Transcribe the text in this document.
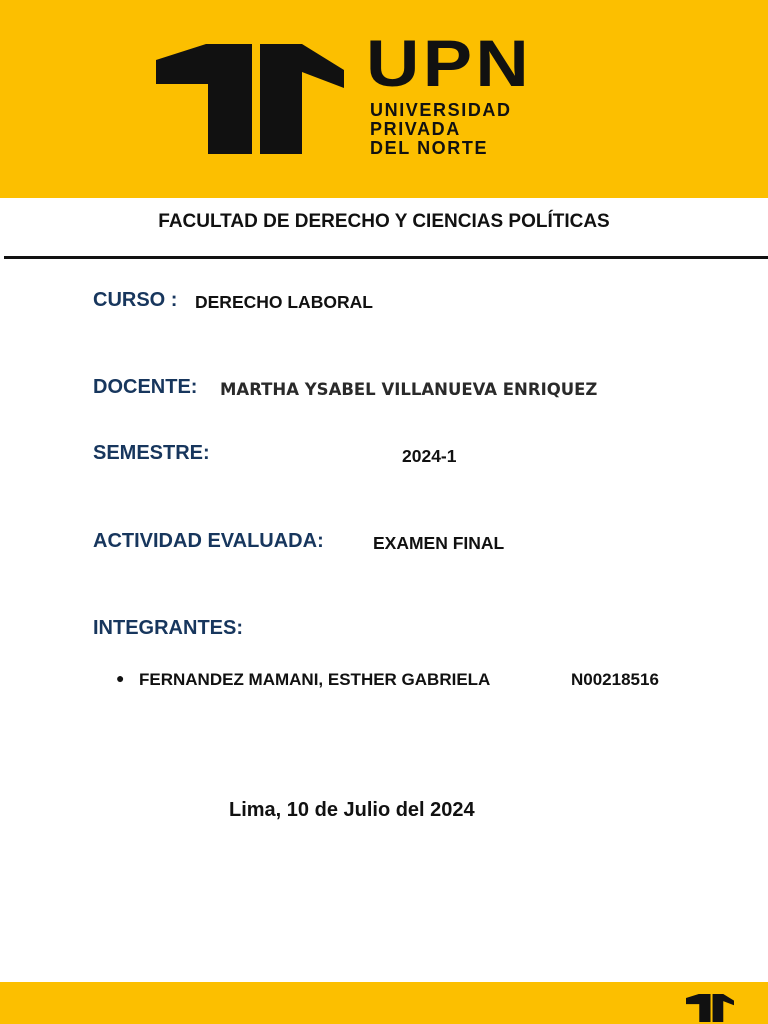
UPN
UNIVERSIDAD
PRIVADA
DEL NORTE
FACULTAD DE DERECHO Y CIENCIAS POLÍTICAS
CURSO : DERECHO LABORAL
DOCENTE: MARTHA YSABEL VILLANUEVA ENRIQUEZ
SEMESTRE:	2024-1
ACTIVIDAD EVALUADA:	EXAMEN FINAL
INTEGRANTES:
● FERNANDEZ MAMANI, ESTHER GABRIELA	N00218516
Lima, 10 de Julio del 2024
